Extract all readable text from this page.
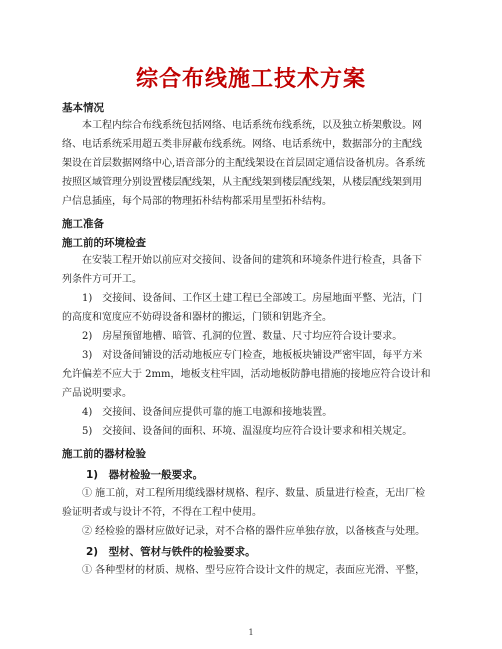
综合布线施工技术方案
基本情况
本工程内综合布线系统包括网络、电话系统布线系统，以及独立桥架敷设。网
络、电话系统采用超五类非屏蔽布线系统。网络、电话系统中，数据部分的主配线
架设在首层数据网络中心,语音部分的主配线架设在首层固定通信设备机房。各系统
按照区域管理分别设置楼层配线架，从主配线架到楼层配线架，从楼层配线架到用
户信息插座，每个局部的物理拓朴结构都采用星型拓朴结构。
施工准备
施工前的环境检查
在安装工程开始以前应对交接间、设备间的建筑和环境条件进行检查，具备下
列条件方可开工。
1)　交接间、设备间、工作区土建工程已全部竣工。房屋地面平整、光洁，门
的高度和宽度应不妨碍设备和器材的搬运，门锁和钥匙齐全。
2)　房屋预留地槽、暗管、孔洞的位置、数量、尺寸均应符合设计要求。
3)　对设备间铺设的活动地板应专门检查，地板板块铺设严密牢固，每平方米
允许偏差不应大于 2mm，地板支柱牢固，活动地板防静电措施的接地应符合设计和
产品说明要求。
4)　交接间、设备间应提供可靠的施工电源和接地装置。
5)　交接间、设备间的面积、环境、温湿度均应符合设计要求和相关规定。
施工前的器材检验
1)　器材检验一般要求。
① 施工前，对工程所用缆线器材规格、程序、数量、质量进行检查，无出厂检
验证明者或与设计不符，不得在工程中使用。
② 经检验的器材应做好记录，对不合格的器件应单独存放，以备核查与处理。
2)　型材、管材与铁件的检验要求。
① 各种型材的材质、规格、型号应符合设计文件的规定，表面应光滑、平整，
1
